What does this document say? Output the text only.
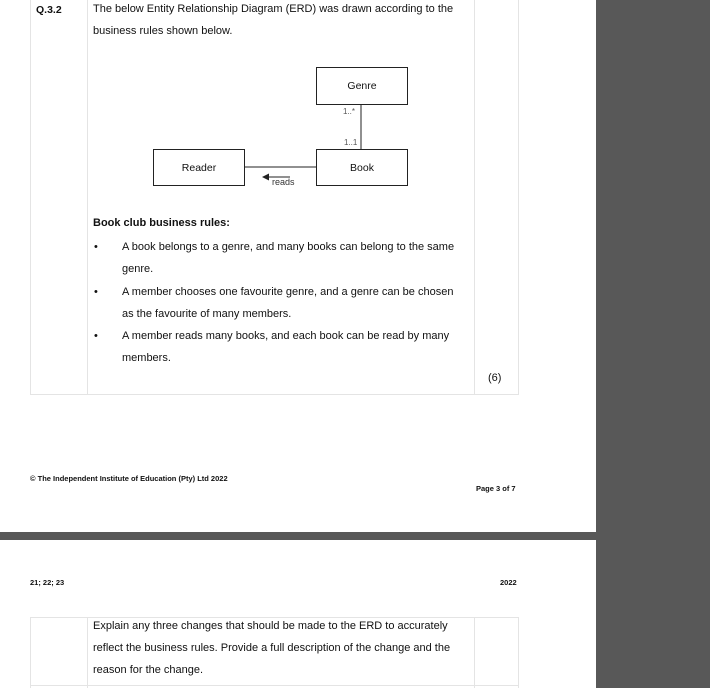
Q.3.2	The below Entity Relationship Diagram (ERD) was drawn according to the business rules shown below.
Genre
Book
Reader
1..*
1..1
reads
Book club business rules:
• A book belongs to a genre, and many books can belong to the same genre.
• A member chooses one favourite genre, and a genre can be chosen as the favourite of many members.
• A member reads many books, and each book can be read by many members.
(6)
© The Independent Institute of Education (Pty) Ltd 2022
Page 3 of 7
21; 22; 23	2022
Explain any three changes that should be made to the ERD to accurately reflect the business rules. Provide a full description of the change and the reason for the change.
